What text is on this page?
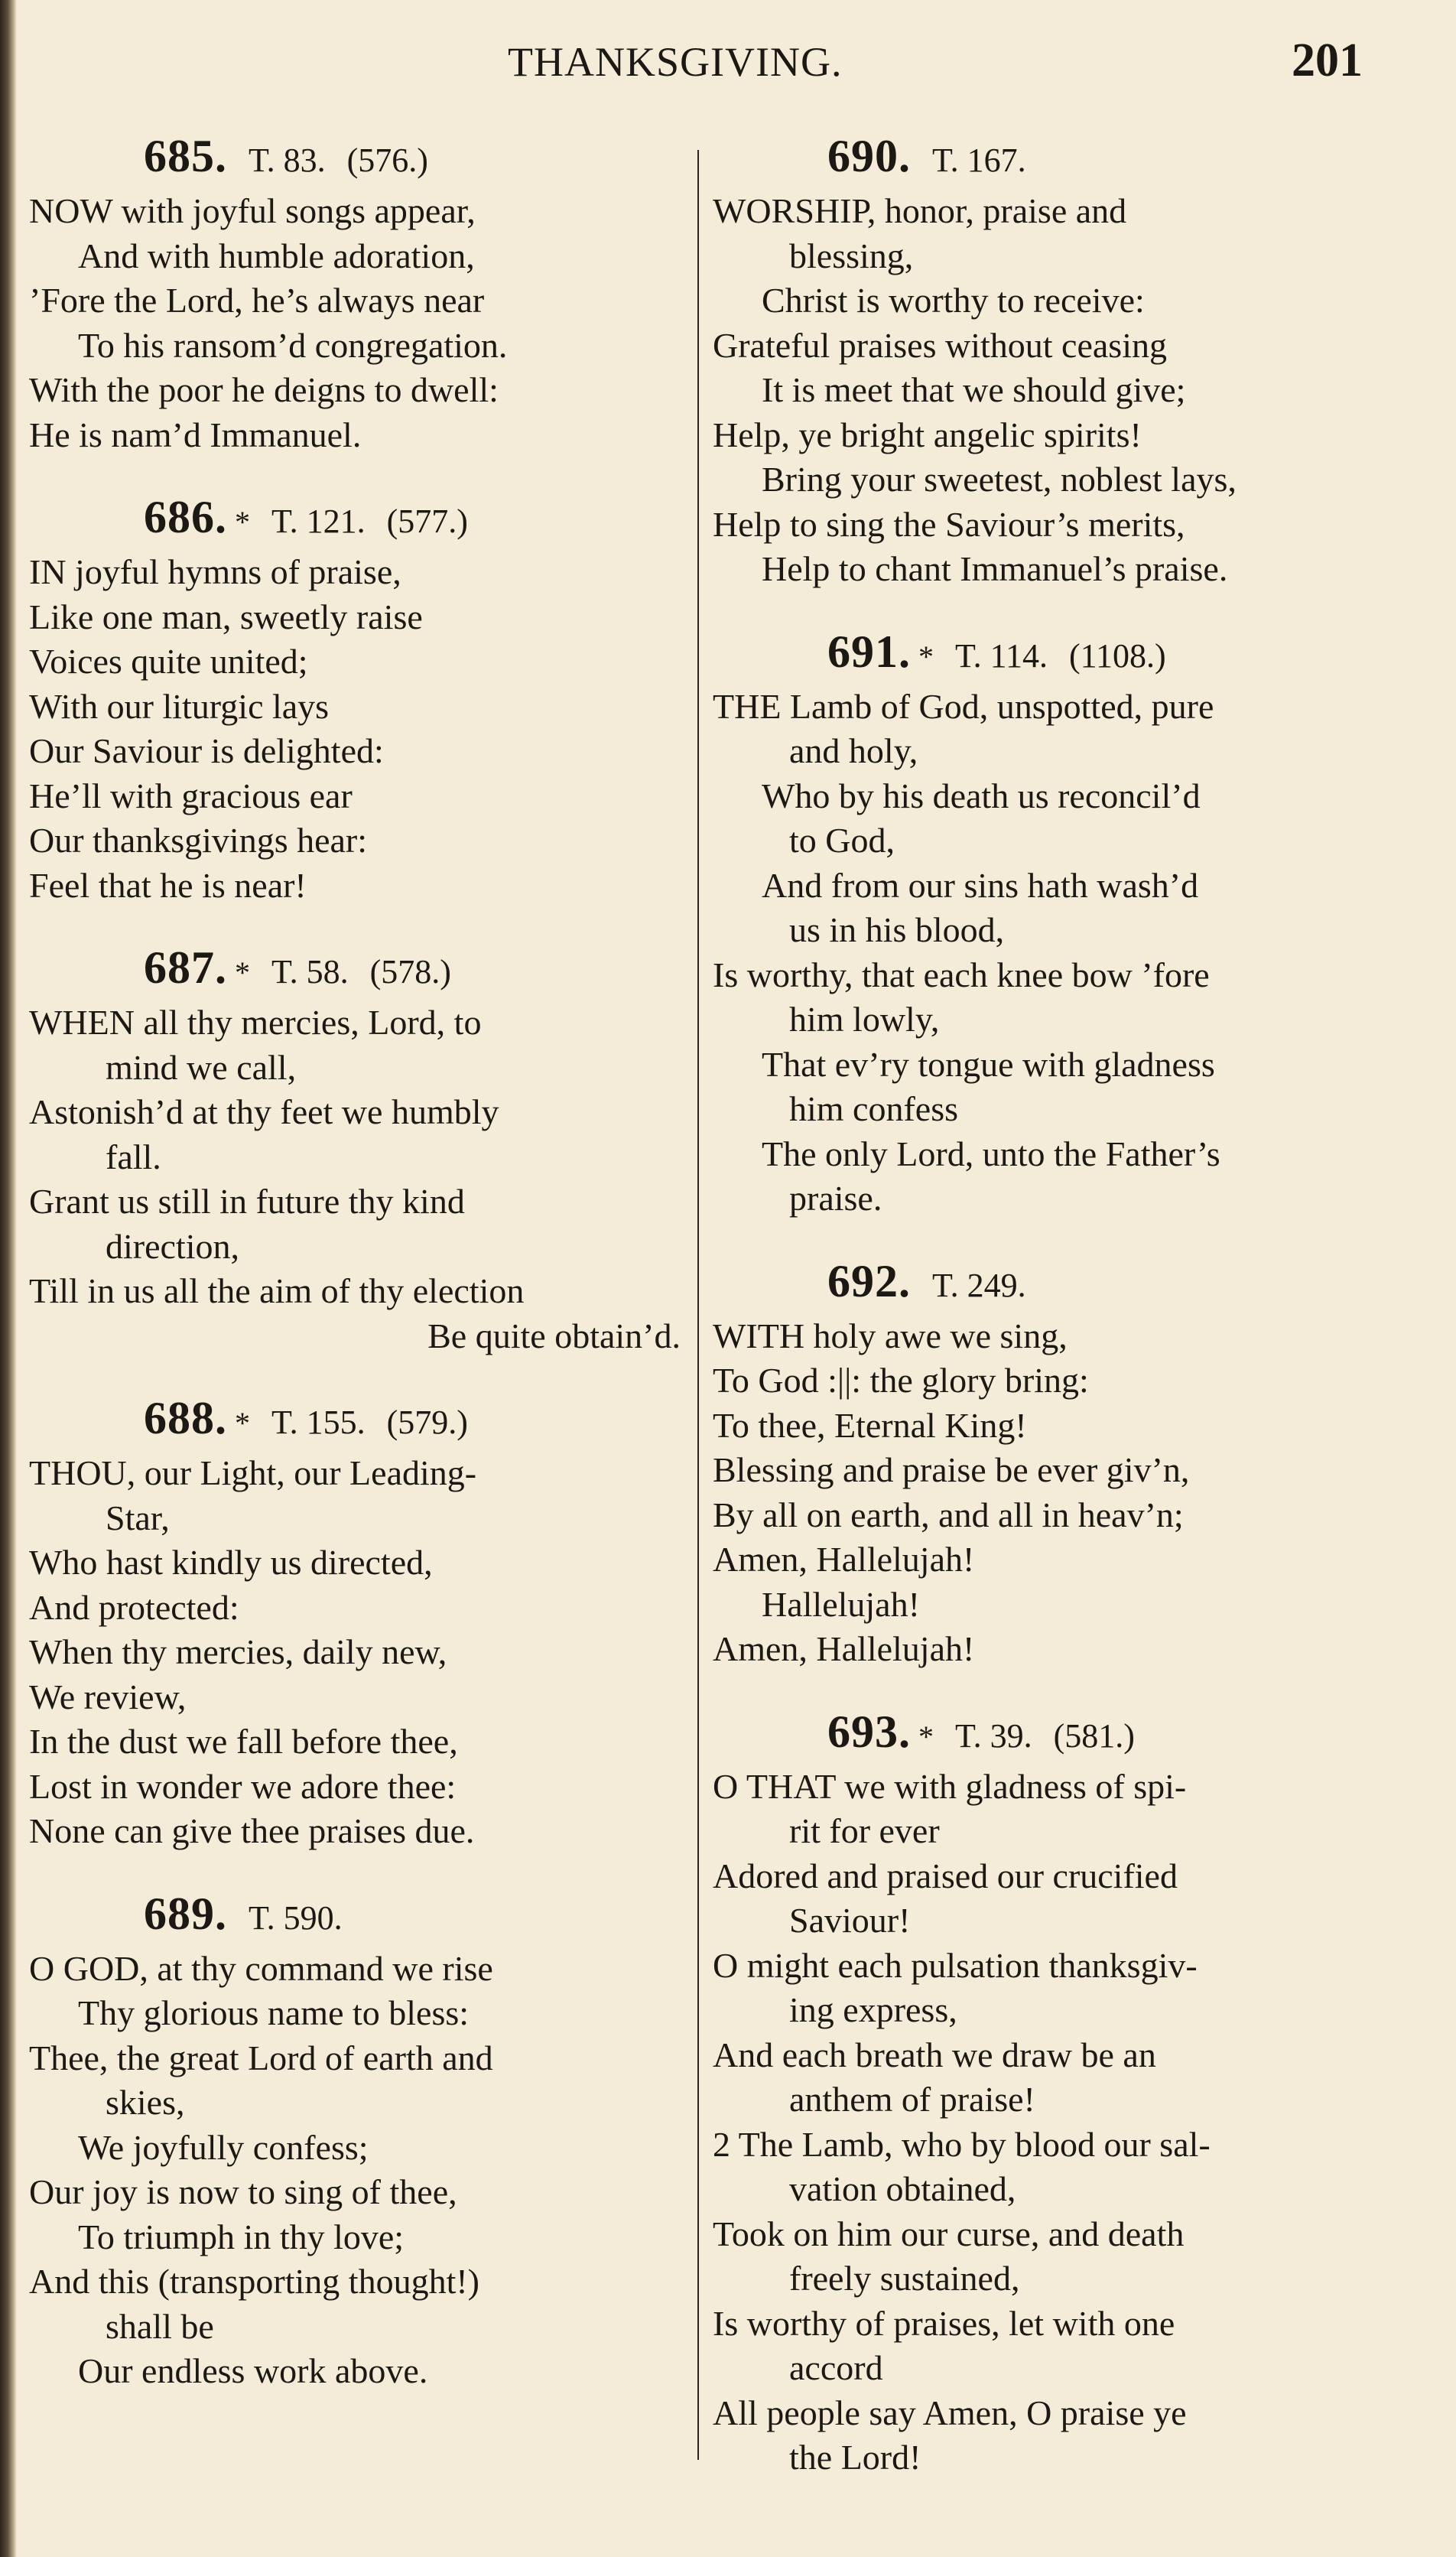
THANKSGIVING.	201
685. T. 83. (576.)
NOW with joyful songs appear,
And with humble adoration,
’Fore the Lord, he’s always near
To his ransom’d congregation.
With the poor he deigns to dwell:
He is nam’d Immanuel.
686. * T. 121. (577.)
IN joyful hymns of praise,
Like one man, sweetly raise
Voices quite united;
With our liturgic lays
Our Saviour is delighted:
He’ll with gracious ear
Our thanksgivings hear:
Feel that he is near!
687. * T. 58. (578.)
WHEN all thy mercies, Lord, to
mind we call,
Astonish’d at thy feet we humbly
fall.
Grant us still in future thy kind
direction,
Till in us all the aim of thy election
Be quite obtain’d.
688. * T. 155. (579.)
THOU, our Light, our Leading-
Star,
Who hast kindly us directed,
And protected:
When thy mercies, daily new,
We review,
In the dust we fall before thee,
Lost in wonder we adore thee:
None can give thee praises due.
689. T. 590.
O GOD, at thy command we rise
Thy glorious name to bless:
Thee, the great Lord of earth and
skies,
We joyfully confess;
Our joy is now to sing of thee,
To triumph in thy love;
And this (transporting thought!)
shall be
Our endless work above.
690. T. 167.
WORSHIP, honor, praise and
blessing,
Christ is worthy to receive:
Grateful praises without ceasing
It is meet that we should give;
Help, ye bright angelic spirits!
Bring your sweetest, noblest lays,
Help to sing the Saviour’s merits,
Help to chant Immanuel’s praise.
691. * T. 114. (1108.)
THE Lamb of God, unspotted, pure
and holy,
Who by his death us reconcil’d
to God,
And from our sins hath wash’d
us in his blood,
Is worthy, that each knee bow ’fore
him lowly,
That ev’ry tongue with gladness
him confess
The only Lord, unto the Father’s
praise.
692. T. 249.
WITH holy awe we sing,
To God :||: the glory bring:
To thee, Eternal King!
Blessing and praise be ever giv’n,
By all on earth, and all in heav’n;
Amen, Hallelujah!
Hallelujah!
Amen, Hallelujah!
693. * T. 39. (581.)
O THAT we with gladness of spi-
rit for ever
Adored and praised our crucified
Saviour!
O might each pulsation thanksgiv-
ing express,
And each breath we draw be an
anthem of praise!
2 The Lamb, who by blood our sal-
vation obtained,
Took on him our curse, and death
freely sustained,
Is worthy of praises, let with one
accord
All people say Amen, O praise ye
the Lord!
